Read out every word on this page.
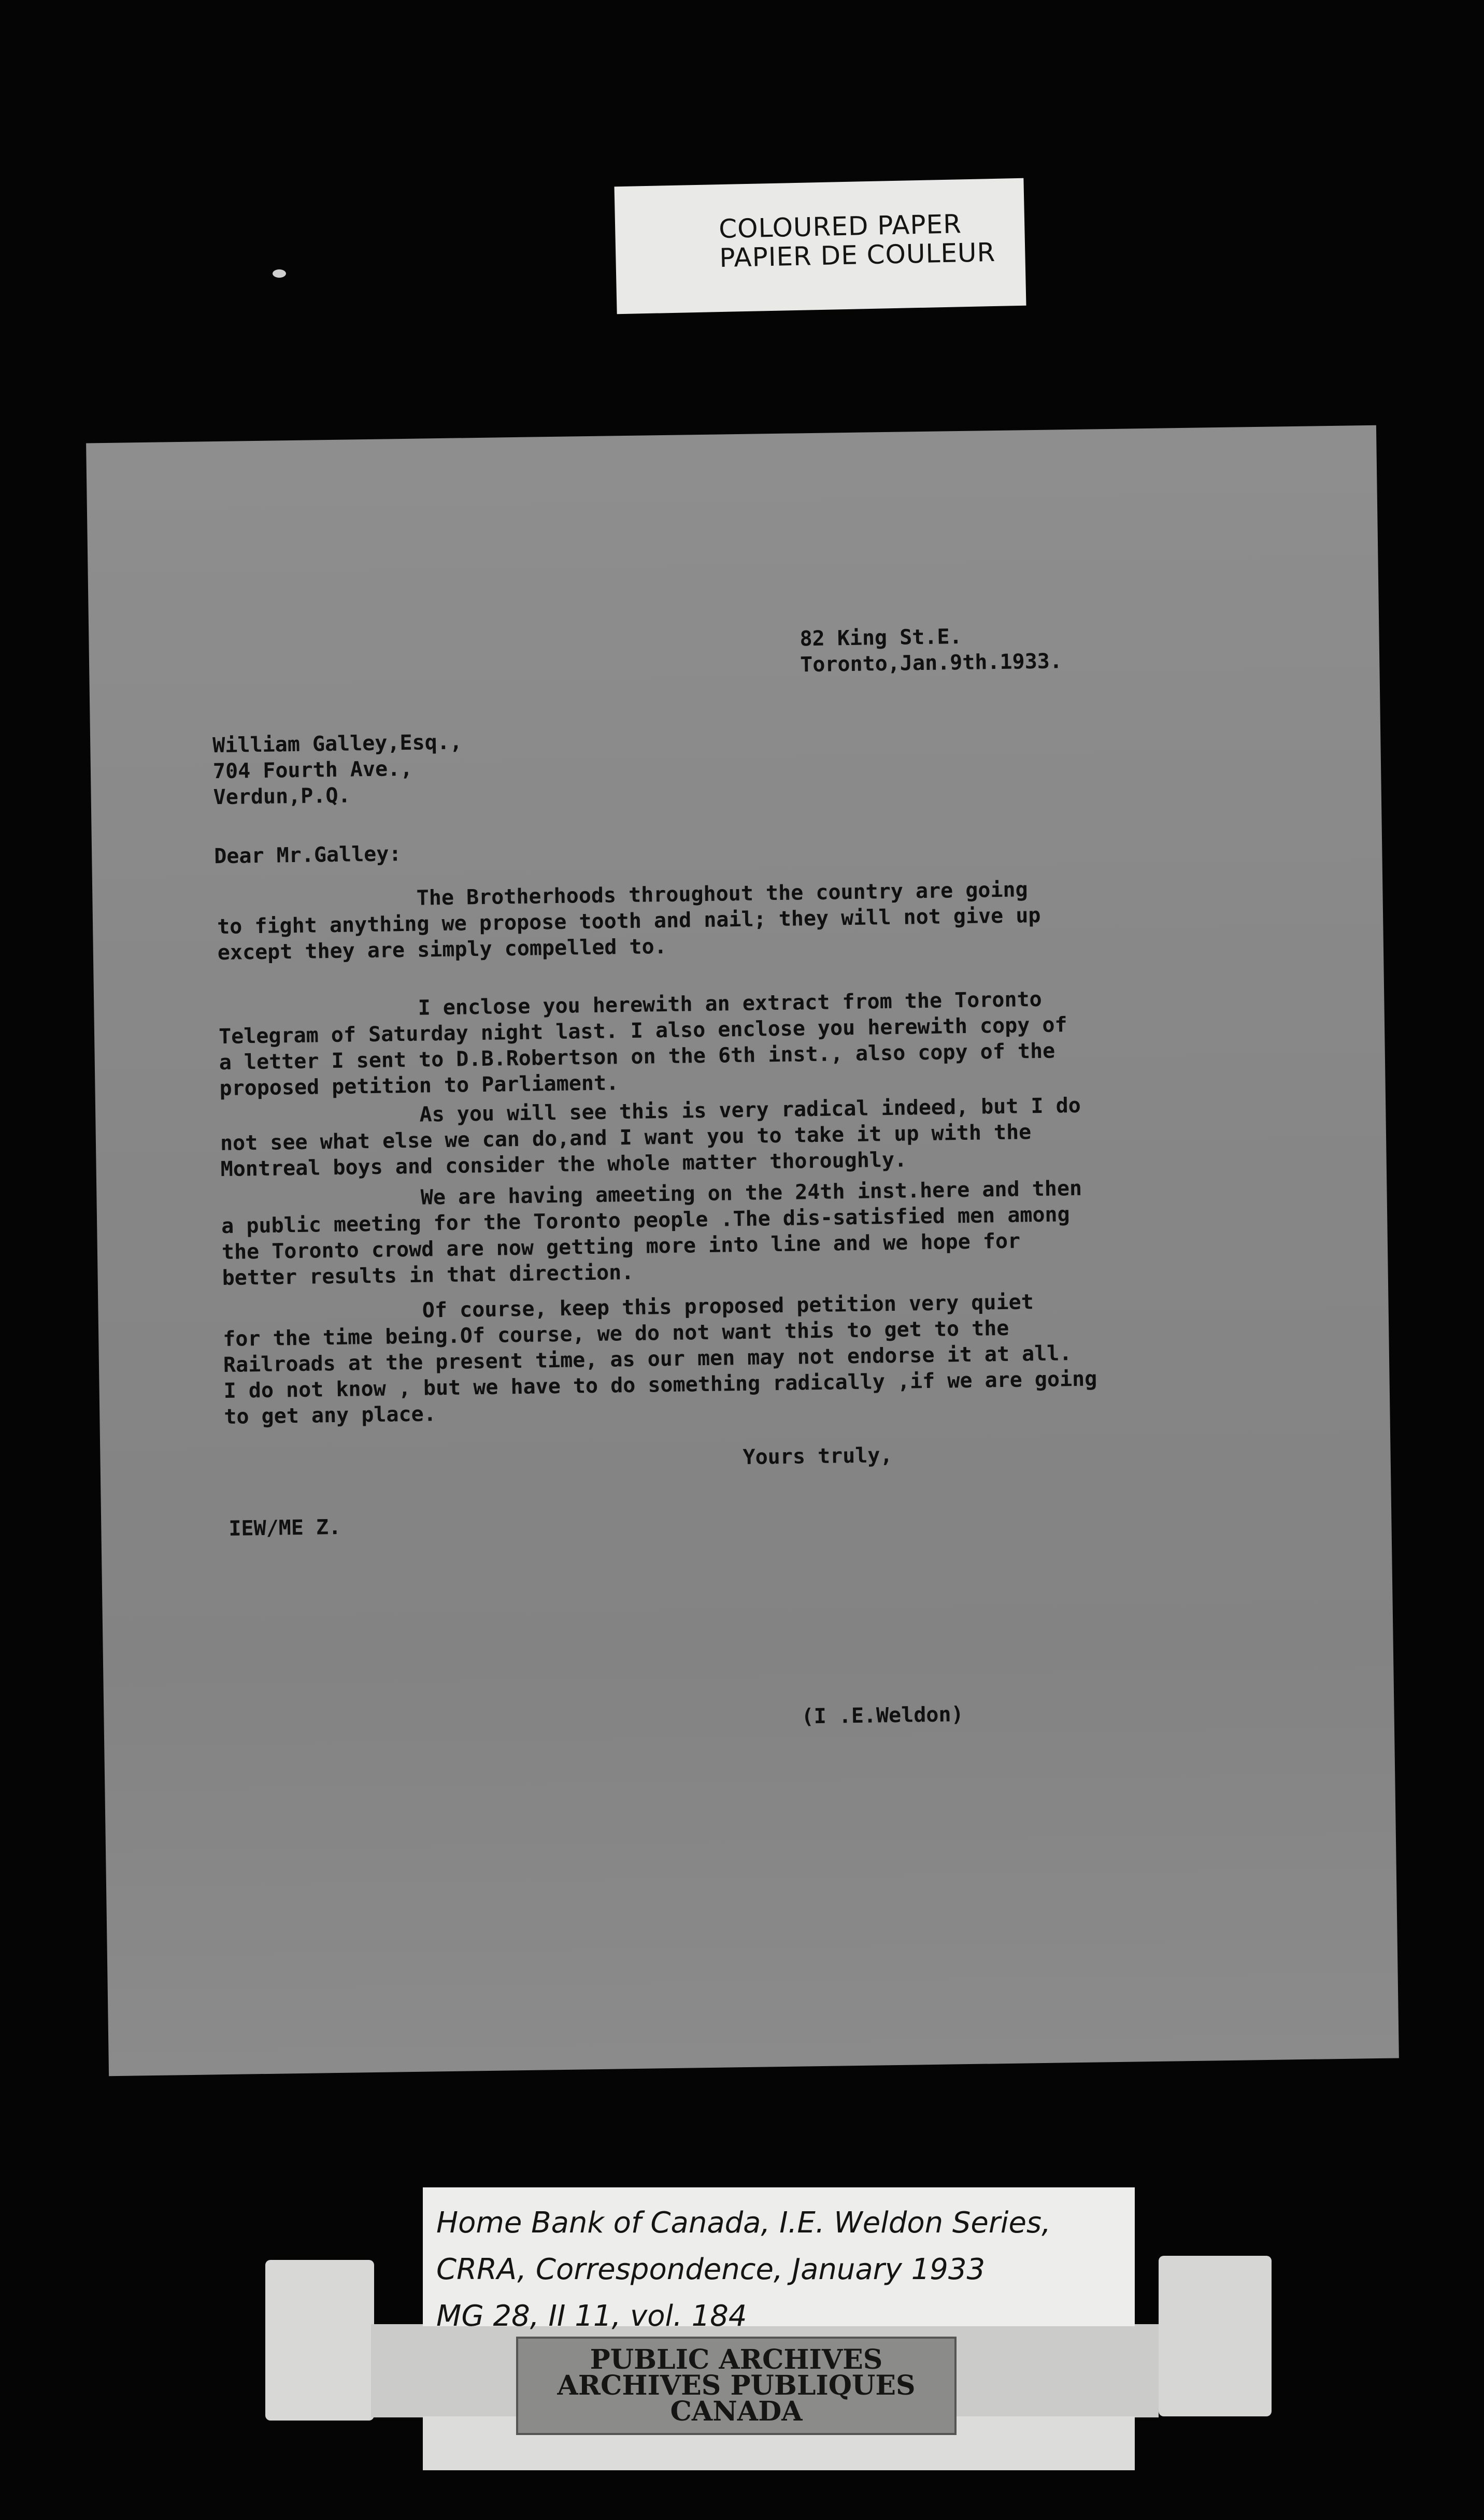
COLOURED PAPER
PAPIER DE COULEUR
82 King St.E.
Toronto,Jan.9th.1933.
William Galley,Esq.,
704 Fourth Ave.,
Verdun,P.Q.
Dear Mr.Galley:
The Brotherhoods throughout the country are going
to fight anything we propose tooth and nail; they will not give up
except they are simply compelled to.
I enclose you herewith an extract from the Toronto
Telegram of Saturday night last. I also enclose you herewith copy of
a letter I sent to D.B.Robertson on the 6th inst., also copy of the
proposed petition to Parliament.
As you will see this is very radical indeed, but I do
not see what else we can do,and I want you to take it up with the
Montreal boys and consider the whole matter thoroughly.
We are having ameeting on the 24th inst.here and then
a public meeting for the Toronto people .The dis-satisfied men among
the Toronto crowd are now getting more into line and we hope for
better results in that direction.
Of course, keep this proposed petition very quiet
for the time being.Of course, we do not want this to get to the
Railroads at the present time, as our men may not endorse it at all.
I do not know , but we have to do something radically ,if we are going
to get any place.
Yours truly,
IEW/ME Z.
(I .E.Weldon)
Home Bank of Canada, I.E. Weldon Series,
CRRA, Correspondence, January 1933
MG 28, II 11, vol. 184
PUBLIC ARCHIVES
ARCHIVES PUBLIQUES
CANADA
